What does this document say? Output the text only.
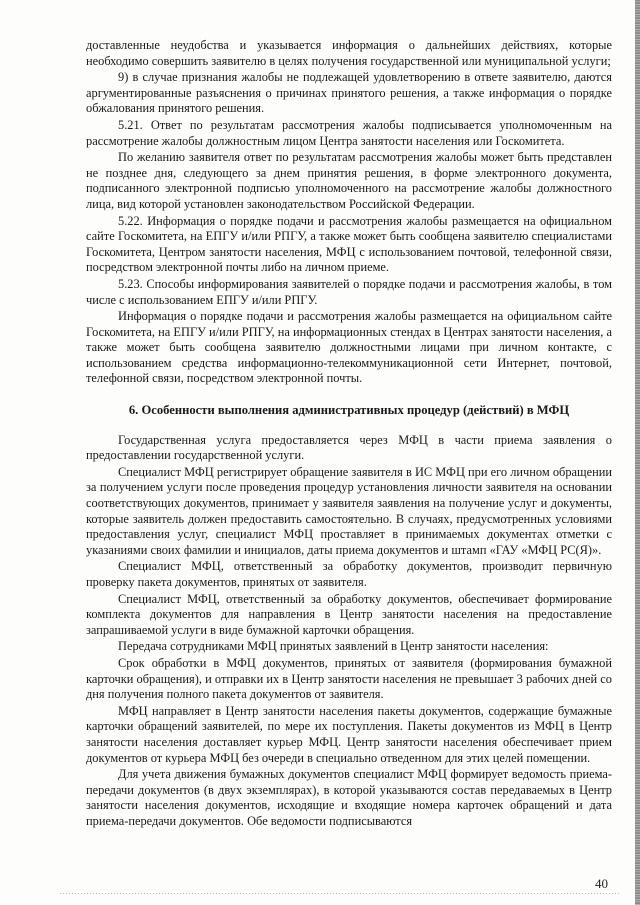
доставленные неудобства и указывается информация о дальнейших действиях, которые необходимо совершить заявителю в целях получения государственной или муниципальной услуги;

9) в случае признания жалобы не подлежащей удовлетворению в ответе заявителю, даются аргументированные разъяснения о причинах принятого решения, а также информация о порядке обжалования принятого решения.

5.21. Ответ по результатам рассмотрения жалобы подписывается уполномоченным на рассмотрение жалобы должностным лицом Центра занятости населения или Госкомитета.

По желанию заявителя ответ по результатам рассмотрения жалобы может быть представлен не позднее дня, следующего за днем принятия решения, в форме электронного документа, подписанного электронной подписью уполномоченного на рассмотрение жалобы должностного лица, вид которой установлен законодательством Российской Федерации.

5.22. Информация о порядке подачи и рассмотрения жалобы размещается на официальном сайте Госкомитета, на ЕПГУ и/или РПГУ, а также может быть сообщена заявителю специалистами Госкомитета, Центром занятости населения, МФЦ с использованием почтовой, телефонной связи, посредством электронной почты либо на личном приеме.

5.23. Способы информирования заявителей о порядке подачи и рассмотрения жалобы, в том числе с использованием ЕПГУ и/или РПГУ.

Информация о порядке подачи и рассмотрения жалобы размещается на официальном сайте Госкомитета, на ЕПГУ и/или РПГУ, на информационных стендах в Центрах занятости населения, а также может быть сообщена заявителю должностными лицами при личном контакте, с использованием средства информационно-телекоммуникационной сети Интернет, почтовой, телефонной связи, посредством электронной почты.

6. Особенности выполнения административных процедур (действий) в МФЦ

Государственная услуга предоставляется через МФЦ в части приема заявления о предоставлении государственной услуги.

Специалист МФЦ регистрирует обращение заявителя в ИС МФЦ при его личном обращении за получением услуги после проведения процедур установления личности заявителя на основании соответствующих документов, принимает у заявителя заявления на получение услуг и документы, которые заявитель должен предоставить самостоятельно. В случаях, предусмотренных условиями предоставления услуг, специалист МФЦ проставляет в принимаемых документах отметки с указаниями своих фамилии и инициалов, даты приема документов и штамп «ГАУ «МФЦ РС(Я)».

Специалист МФЦ, ответственный за обработку документов, производит первичную проверку пакета документов, принятых от заявителя.

Специалист МФЦ, ответственный за обработку документов, обеспечивает формирование комплекта документов для направления в Центр занятости населения на предоставление запрашиваемой услуги в виде бумажной карточки обращения.

Передача сотрудниками МФЦ принятых заявлений в Центр занятости населения:

Срок обработки в МФЦ документов, принятых от заявителя (формирования бумажной карточки обращения), и отправки их в Центр занятости населения не превышает 3 рабочих дней со дня получения полного пакета документов от заявителя.

МФЦ направляет в Центр занятости населения пакеты документов, содержащие бумажные карточки обращений заявителей, по мере их поступления. Пакеты документов из МФЦ в Центр занятости населения доставляет курьер МФЦ. Центр занятости населения обеспечивает прием документов от курьера МФЦ без очереди в специально отведенном для этих целей помещении.

Для учета движения бумажных документов специалист МФЦ формирует ведомость приема-передачи документов (в двух экземплярах), в которой указываются состав передаваемых в Центр занятости населения документов, исходящие и входящие номера карточек обращений и дата приема-передачи документов. Обе ведомости подписываются

40
